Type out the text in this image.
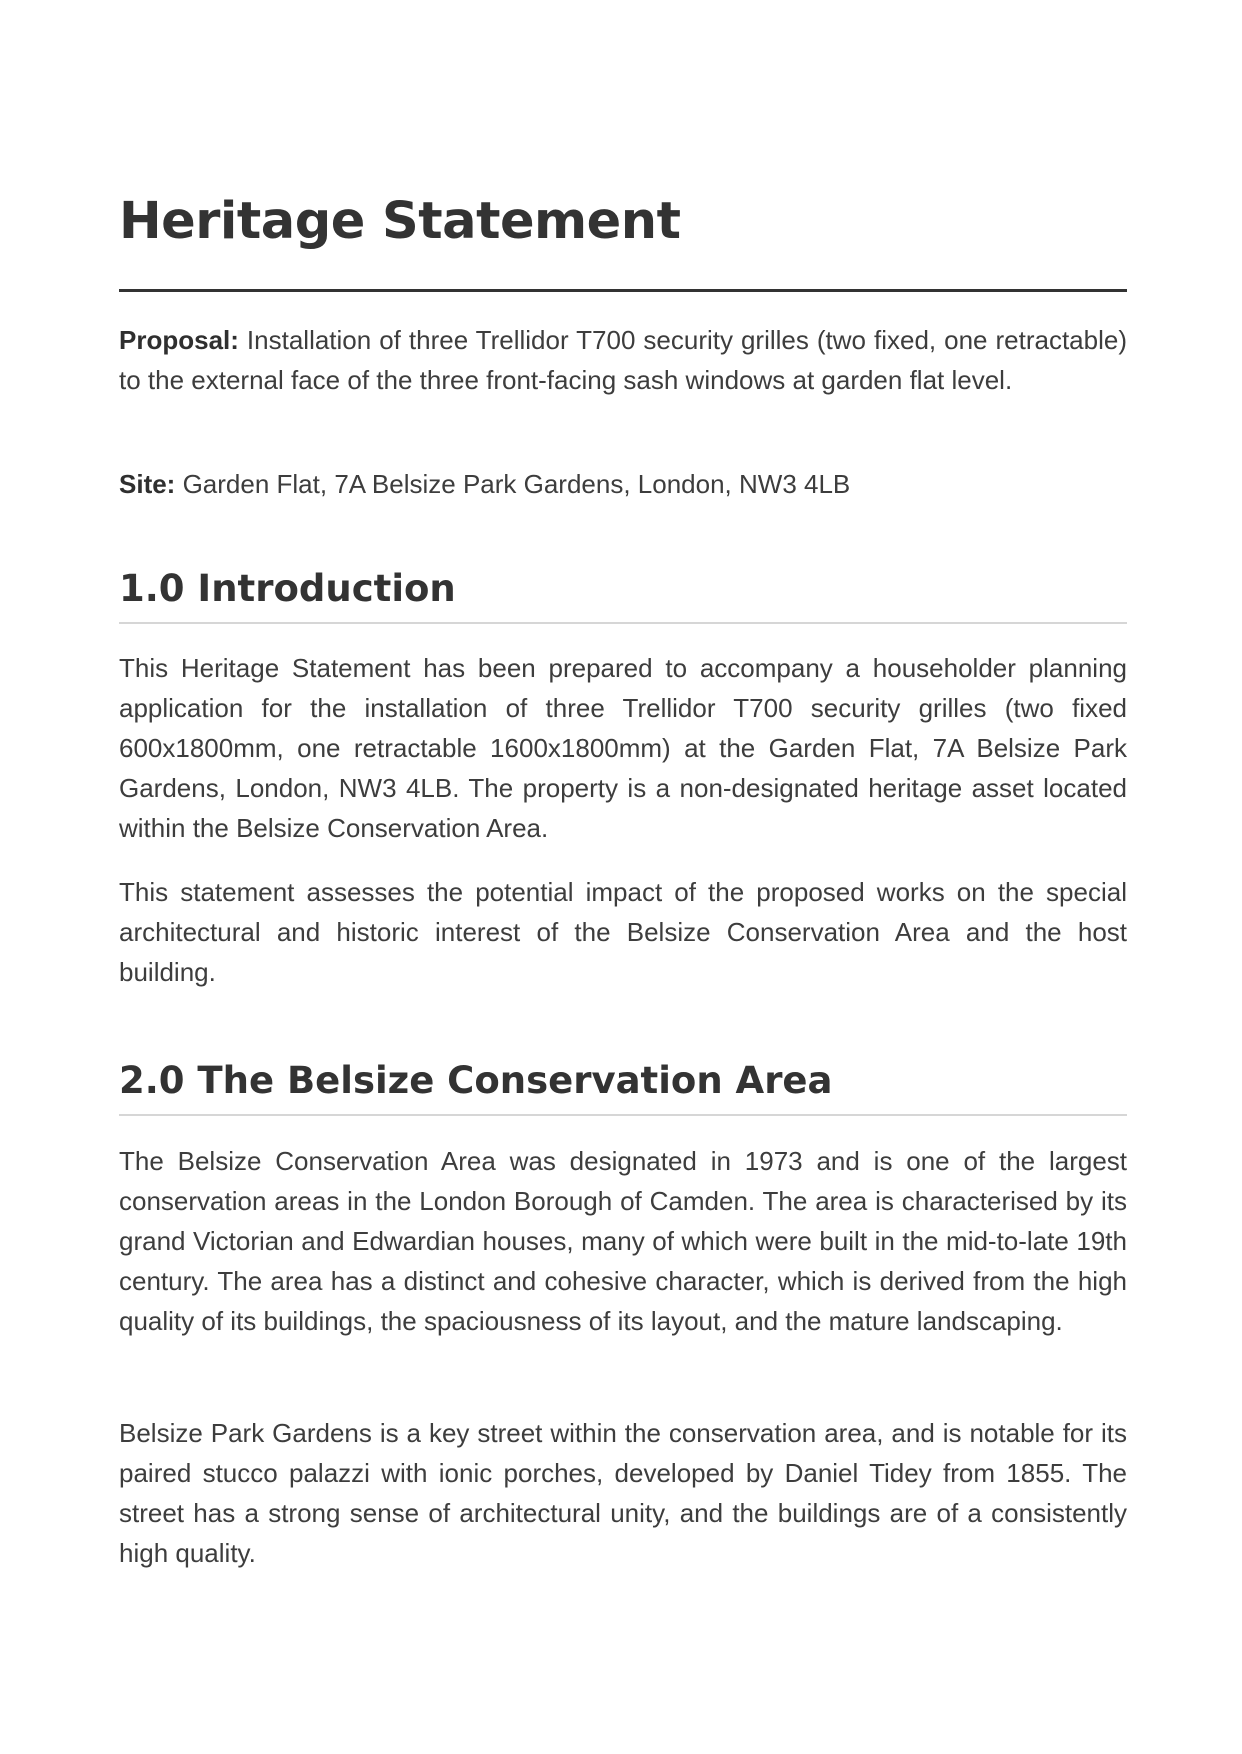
Heritage Statement

Proposal: Installation of three Trellidor T700 security grilles (two fixed, one retractable) to the external face of the three front-facing sash windows at garden flat level.

Site: Garden Flat, 7A Belsize Park Gardens, London, NW3 4LB

1.0 Introduction

This Heritage Statement has been prepared to accompany a householder planning application for the installation of three Trellidor T700 security grilles (two fixed 600x1800mm, one retractable 1600x1800mm) at the Garden Flat, 7A Belsize Park Gardens, London, NW3 4LB. The property is a non-designated heritage asset located within the Belsize Conservation Area.

This statement assesses the potential impact of the proposed works on the special architectural and historic interest of the Belsize Conservation Area and the host building.

2.0 The Belsize Conservation Area

The Belsize Conservation Area was designated in 1973 and is one of the largest conservation areas in the London Borough of Camden. The area is characterised by its grand Victorian and Edwardian houses, many of which were built in the mid-to-late 19th century. The area has a distinct and cohesive character, which is derived from the high quality of its buildings, the spaciousness of its layout, and the mature landscaping.

Belsize Park Gardens is a key street within the conservation area, and is notable for its paired stucco palazzi with ionic porches, developed by Daniel Tidey from 1855. The street has a strong sense of architectural unity, and the buildings are of a consistently high quality.
